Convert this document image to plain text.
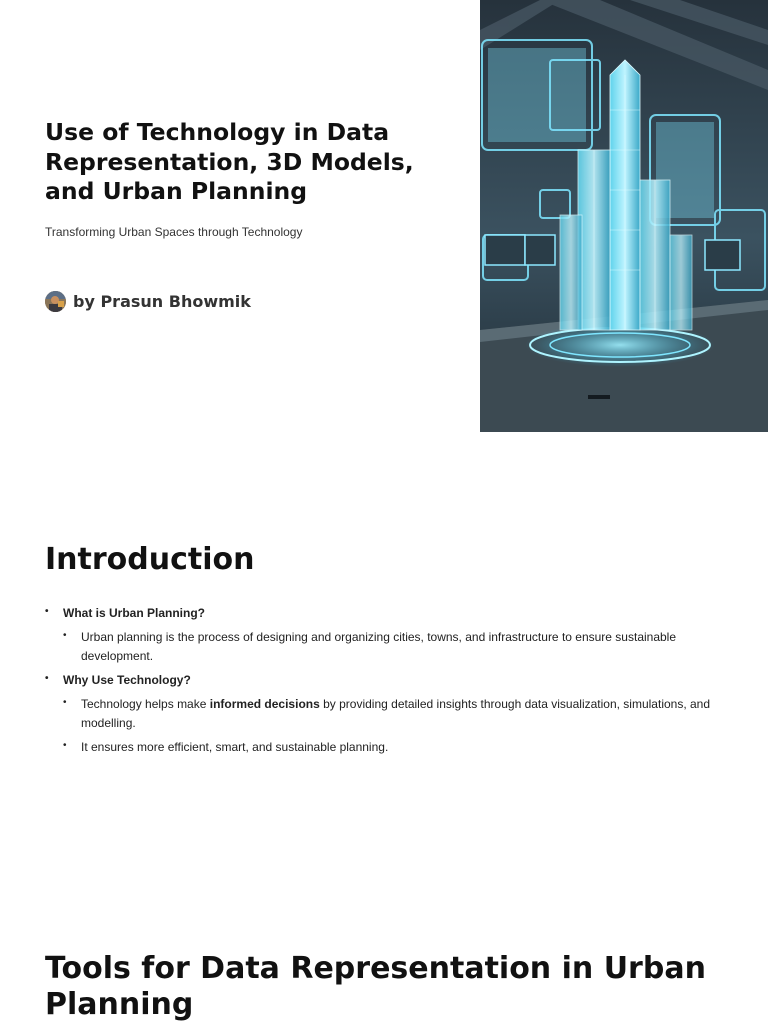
Use of Technology in Data Representation, 3D Models, and Urban Planning

Transforming Urban Spaces through Technology

by Prasun Bhowmik
Introduction
• What is Urban Planning?
• Urban planning is the process of designing and organizing cities, towns, and infrastructure to ensure sustainable development.
• Why Use Technology?
• Technology helps make informed decisions by providing detailed insights through data visualization, simulations, and modelling.
• It ensures more efficient, smart, and sustainable planning.
Tools for Data Representation in Urban Planning
